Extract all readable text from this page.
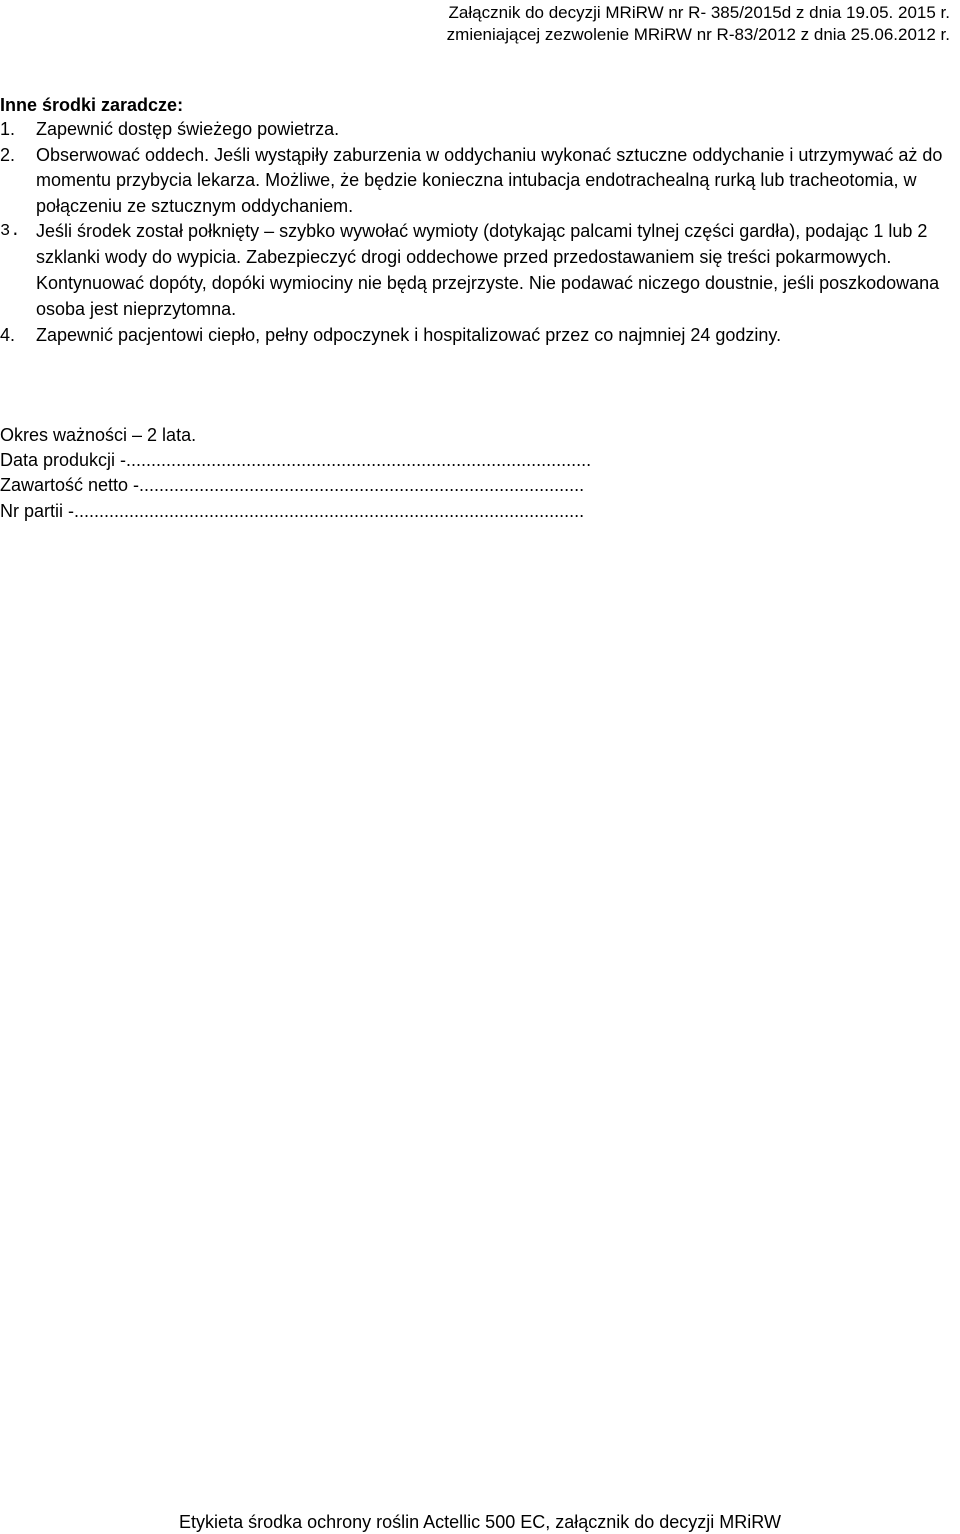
Załącznik do decyzji MRiRW nr R- 385/2015d z dnia 19.05. 2015 r.
zmieniającej zezwolenie MRiRW nr R-83/2012 z dnia 25.06.2012 r.
Inne środki zaradcze:
1. Zapewnić dostęp świeżego powietrza.
2. Obserwować oddech. Jeśli wystąpiły zaburzenia w oddychaniu wykonać sztuczne oddychanie i utrzymywać aż do momentu przybycia lekarza. Możliwe, że będzie konieczna intubacja endotrachealną rurką lub tracheotomia, w połączeniu ze sztucznym oddychaniem.
3. Jeśli środek został połknięty – szybko wywołać wymioty (dotykając palcami tylnej części gardła), podając 1 lub 2 szklanki wody do wypicia. Zabezpieczyć drogi oddechowe przed przedostawaniem się treści pokarmowych. Kontynuować dopóty, dopóki wymiociny nie będą przejrzyste. Nie podawać niczego doustnie, jeśli poszkodowana osoba jest nieprzytomna.
4. Zapewnić pacjentowi ciepło, pełny odpoczynek i hospitalizować przez co najmniej 24 godziny.
Okres ważności – 2 lata.
Data produkcji -.............................................................................................
Zawartość netto -.........................................................................................
Nr partii -......................................................................................................
Etykieta środka ochrony roślin Actellic 500 EC, załącznik do decyzji MRiRW
